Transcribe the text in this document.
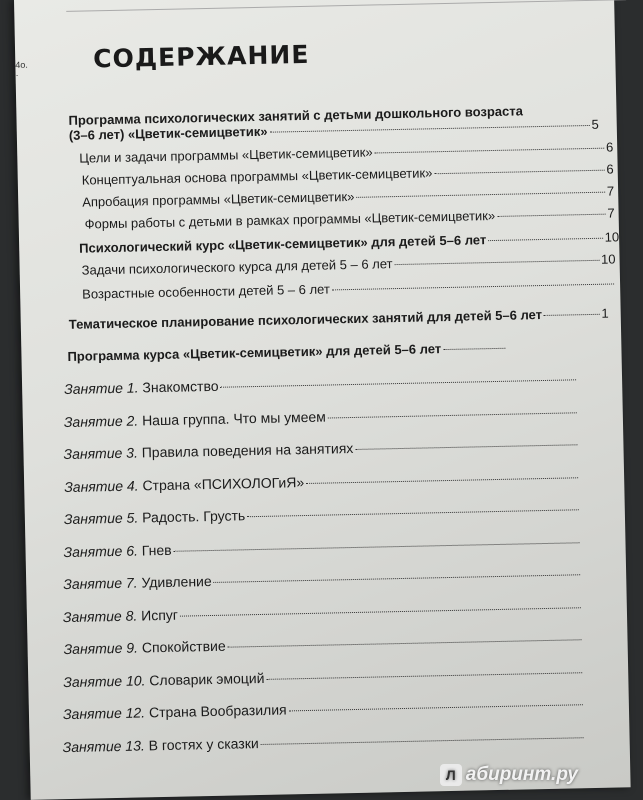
СОДЕРЖАНИЕ
Программа психологических занятий с детьми дошкольного возраста
(3–6 лет) «Цветик-семицветик»	5
Цели и задачи программы «Цветик-семицветик»	6
Концептуальная основа программы «Цветик-семицветик»	6
Апробация программы «Цветик-семицветик»	7
Формы работы с детьми в рамках программы «Цветик-семицветик»	7
Психологический курс «Цветик-семицветик» для детей 5–6 лет	10
Задачи психологического курса для детей 5 – 6 лет	10
Возрастные особенности детей 5 – 6 лет
Тематическое планирование психологических занятий для детей 5–6 лет	1
Программа курса «Цветик-семицветик» для детей 5–6 лет
Занятие 1. Знакомство
Занятие 2. Наша группа. Что мы умеем
Занятие 3. Правила поведения на занятиях
Занятие 4. Страна «ПСИХОЛОГиЯ»
Занятие 5. Радость. Грусть
Занятие 6. Гнев
Занятие 7. Удивление
Занятие 8. Испуг
Занятие 9. Спокойствие
Занятие 10. Словарик эмоций
Занятие 12. Страна Вообразилия
Занятие 13. В гостях у сказки
4о.
·
Л абиринт.ру
